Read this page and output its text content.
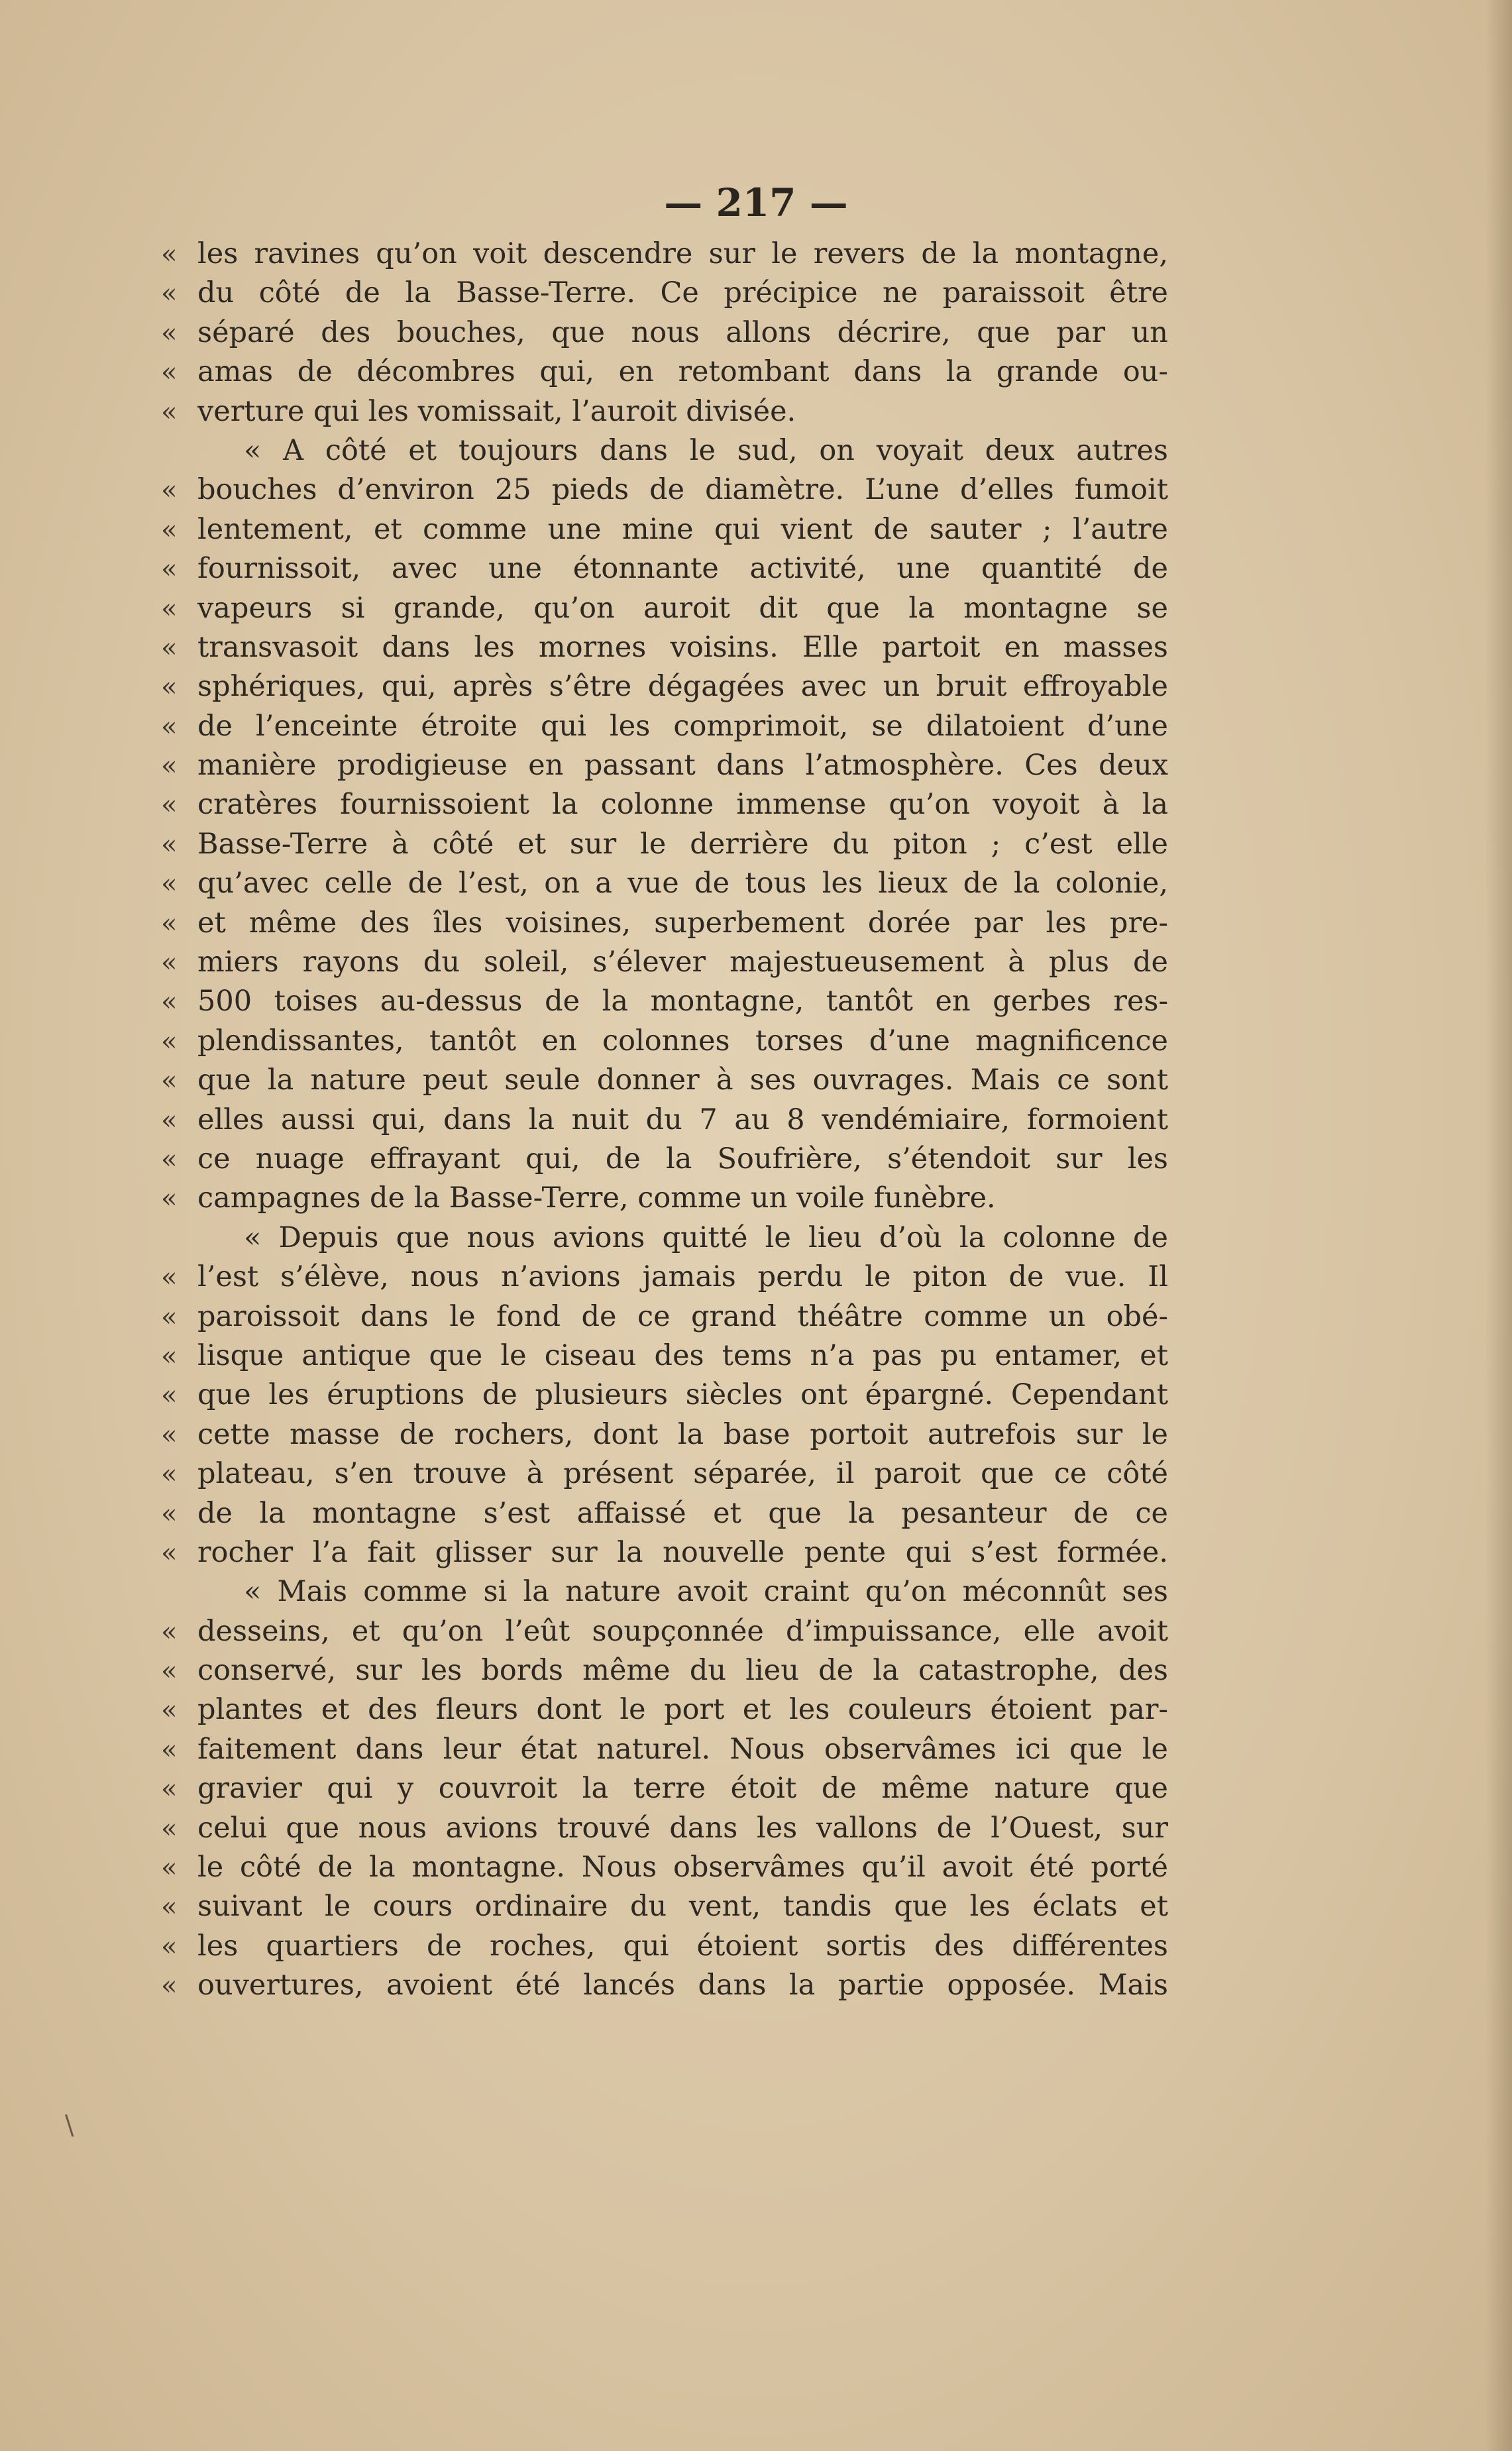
— 217 —

« les ravines qu’on voit descendre sur le revers de la montagne,
« du côté de la Basse-Terre. Ce précipice ne paraissoit être
« séparé des bouches, que nous allons décrire, que par un
« amas de décombres qui, en retombant dans la grande ou-
« verture qui les vomissait, l’auroit divisée.
« A côté et toujours dans le sud, on voyait deux autres
« bouches d’environ 25 pieds de diamètre. L’une d’elles fumoit
« lentement, et comme une mine qui vient de sauter ; l’autre
« fournissoit, avec une étonnante activité, une quantité de
« vapeurs si grande, qu’on auroit dit que la montagne se
« transvasoit dans les mornes voisins. Elle partoit en masses
« sphériques, qui, après s’être dégagées avec un bruit effroyable
« de l’enceinte étroite qui les comprimoit, se dilatoient d’une
« manière prodigieuse en passant dans l’atmosphère. Ces deux
« cratères fournissoient la colonne immense qu’on voyoit à la
« Basse-Terre à côté et sur le derrière du piton ; c’est elle
« qu’avec celle de l’est, on a vue de tous les lieux de la colonie,
« et même des îles voisines, superbement dorée par les pre-
« miers rayons du soleil, s’élever majestueusement à plus de
« 500 toises au-dessus de la montagne, tantôt en gerbes res-
« plendissantes, tantôt en colonnes torses d’une magnificence
« que la nature peut seule donner à ses ouvrages. Mais ce sont
« elles aussi qui, dans la nuit du 7 au 8 vendémiaire, formoient
« ce nuage effrayant qui, de la Soufrière, s’étendoit sur les
« campagnes de la Basse-Terre, comme un voile funèbre.
« Depuis que nous avions quitté le lieu d’où la colonne de
« l’est s’élève, nous n’avions jamais perdu le piton de vue. Il
« paroissoit dans le fond de ce grand théâtre comme un obé-
« lisque antique que le ciseau des tems n’a pas pu entamer, et
« que les éruptions de plusieurs siècles ont épargné. Cependant
« cette masse de rochers, dont la base portoit autrefois sur le
« plateau, s’en trouve à présent séparée, il paroit que ce côté
« de la montagne s’est affaissé et que la pesanteur de ce
« rocher l’a fait glisser sur la nouvelle pente qui s’est formée.
« Mais comme si la nature avoit craint qu’on méconnût ses
« desseins, et qu’on l’eût soupçonnée d’impuissance, elle avoit
« conservé, sur les bords même du lieu de la catastrophe, des
« plantes et des fleurs dont le port et les couleurs étoient par-
« faitement dans leur état naturel. Nous observâmes ici que le
« gravier qui y couvroit la terre étoit de même nature que
« celui que nous avions trouvé dans les vallons de l’Ouest, sur
« le côté de la montagne. Nous observâmes qu’il avoit été porté
« suivant le cours ordinaire du vent, tandis que les éclats et
« les quartiers de roches, qui étoient sortis des différentes
« ouvertures, avoient été lancés dans la partie opposée. Mais
\
